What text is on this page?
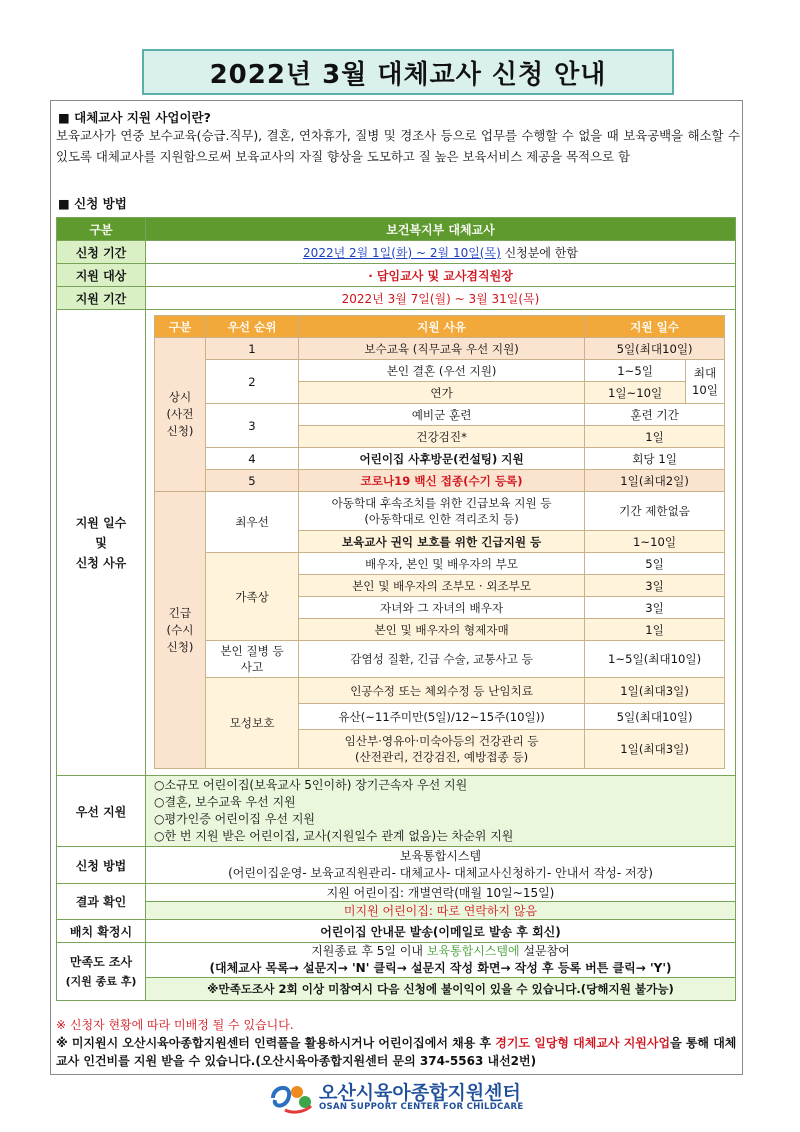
2022년 3월 대체교사 신청 안내
■ 대체교사 지원 사업이란?
보육교사가 연중 보수교육(승급.직무), 결혼, 연차휴가, 질병 및 경조사 등으로 업무를 수행할 수 없을 때 보육공백을 해소할 수 있도록 대체교사를 지원함으로써 보육교사의 자질 향상을 도모하고 질 높은 보육서비스 제공을 목적으로 함
■ 신청 방법
구분	보건복지부 대체교사
신청 기간	2022년 2월 1일(화) ~ 2월 10일(목) 신청분에 한함
지원 대상	· 담임교사 및 교사겸직원장
지원 기간	2022년 3월 7일(월) ~ 3월 31일(목)

지원 일수
및
신청 사유

구분	우선 순위	지원 사유	지원 일수
상시
(사전
신청)	1	보수교육 (직무교육 우선 지원)	5일(최대10일)
2	본인 결혼 (우선 지원)	1~5일	최대
10일
연가	1일~10일
3	예비군 훈련	훈련 기간
건강검진*	1일
4	어린이집 사후방문(컨설팅) 지원	회당 1일
5	코로나19 백신 접종(수기 등록)	1일(최대2일)
긴급
(수시
신청)	최우선	아동학대 후속조치를 위한 긴급보육 지원 등
(아동학대로 인한 격리조치 등)	기간 제한없음
보육교사 권익 보호를 위한 긴급지원 등	1~10일
가족상	배우자, 본인 및 배우자의 부모	5일
본인 및 배우자의 조부모 · 외조부모	3일
자녀와 그 자녀의 배우자	3일
본인 및 배우자의 형제자매	1일
본인 질병 등
사고	감염성 질환, 긴급 수술, 교통사고 등	1~5일(최대10일)
모성보호	인공수정 또는 체외수정 등 난임치료	1일(최대3일)
유산(~11주미만(5일)/12~15주(10일))	5일(최대10일)
임산부·영유아·미숙아등의 건강관리 등
(산전관리, 건강검진, 예방접종 등)	1일(최대3일)

우선 지원	
○소규모 어린이집(보육교사 5인이하) 장기근속자 우선 지원
○결혼, 보수교육 우선 지원
○평가인증 어린이집 우선 지원
○한 번 지원 받은 어린이집, 교사(지원일수 관계 없음)는 차순위 지원

신청 방법	
보육통합시스템
(어린이집운영- 보육교직원관리- 대체교사- 대체교사신청하기- 안내서 작성- 저장)

결과 확인	지원 어린이집: 개별연락(매월 10일~15일)
미지원 어린이집: 따로 연락하지 않음
배치 확정시	어린이집 안내문 발송(이메일로 발송 후 회신)

만족도 조사
(지원 종료 후)

지원종료 후 5일 이내 보육통합시스템에 설문참여
(대체교사 목록→ 설문지→ 'N' 클릭→ 설문지 작성 화면→ 작성 후 등록 버튼 클릭→ 'Y')

※만족도조사 2회 이상 미참여시 다음 신청에 불이익이 있을 수 있습니다.(당해지원 불가능)
※ 신청자 현황에 따라 미배정 될 수 있습니다.
※ 미지원시 오산시육아종합지원센터 인력풀을 활용하시거나 어린이집에서 채용 후 경기도 일당형 대체교사 지원사업을 통해 대체교사 인건비를 지원 받을 수 있습니다.(오산시육아종합지원센터 문의 374-5563 내선2번)
오산시육아종합지원센터
OSAN SUPPORT CENTER FOR CHILDCARE
